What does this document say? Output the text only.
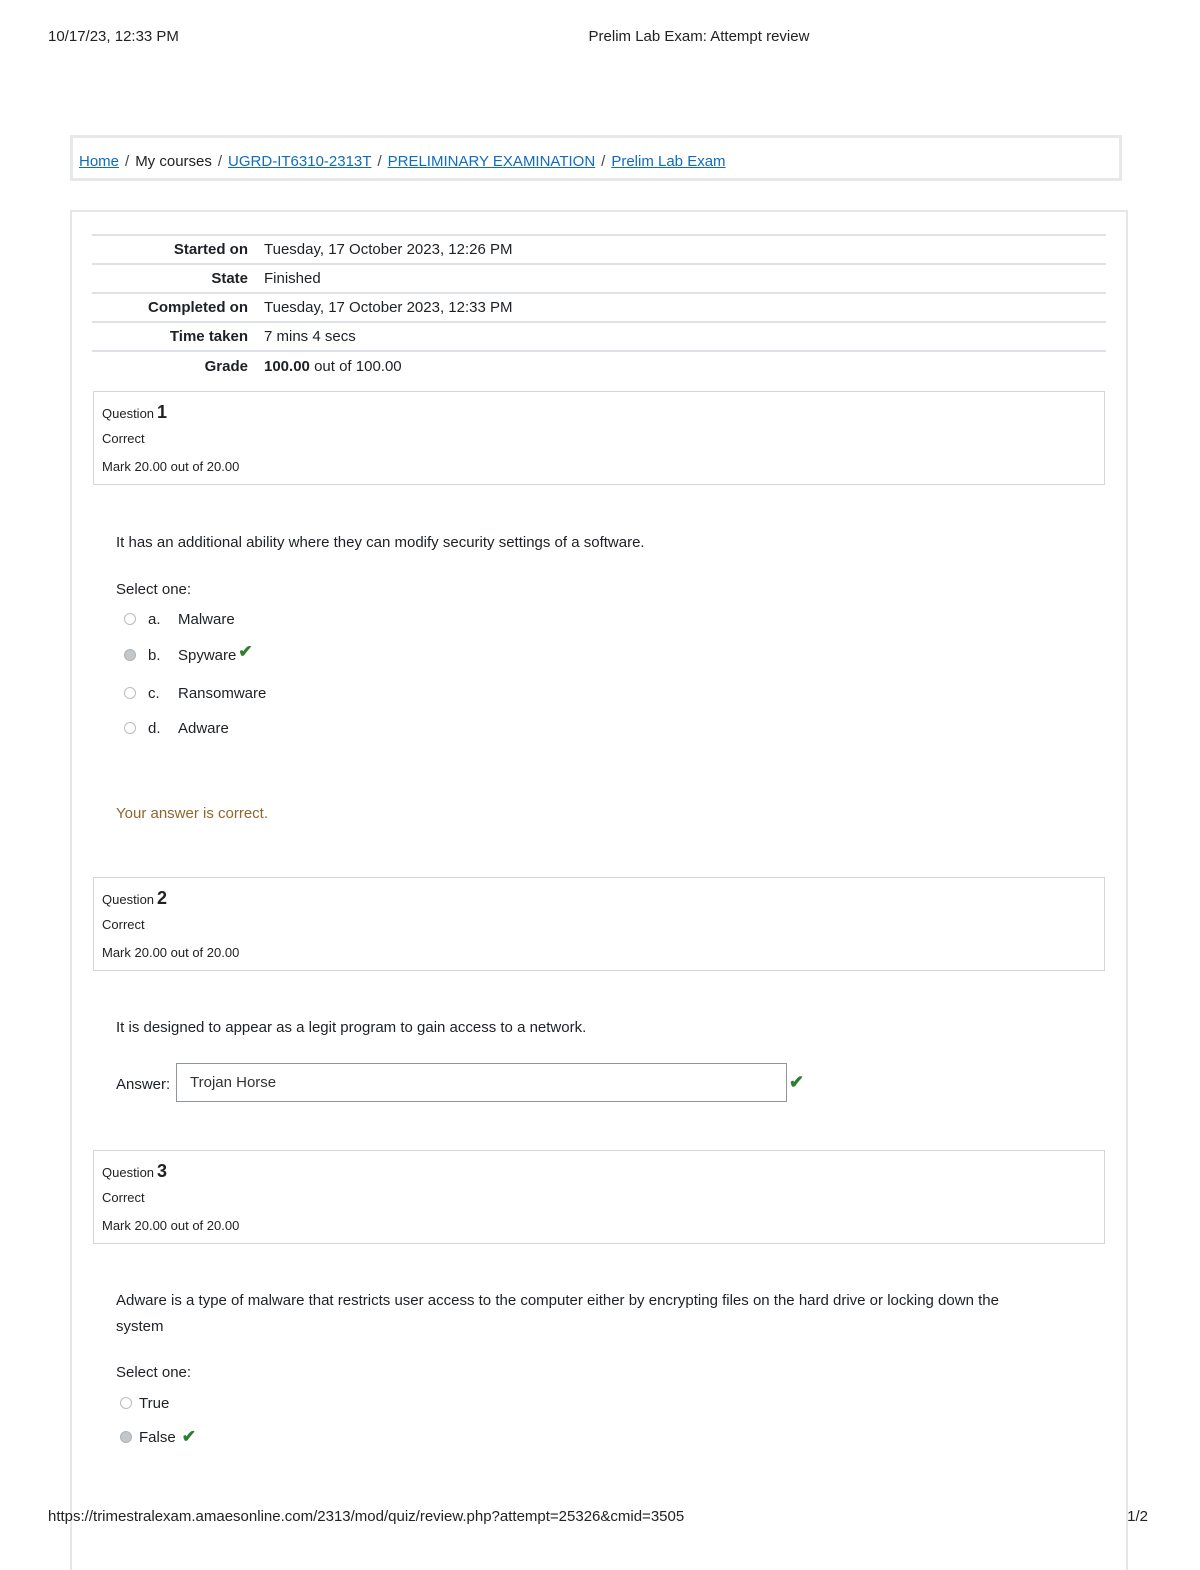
10/17/23, 12:33 PM	Prelim Lab Exam: Attempt review
Home / My courses / UGRD-IT6310-2313T / PRELIMINARY EXAMINATION / Prelim Lab Exam
Started on Tuesday, 17 October 2023, 12:26 PM
State Finished
Completed on Tuesday, 17 October 2023, 12:33 PM
Time taken 7 mins 4 secs
Grade 100.00 out of 100.00
Question 1
Correct
Mark 20.00 out of 20.00
It has an additional ability where they can modify security settings of a software.
Select one:
a.	Malware
b.	Spyware ✔
c.	Ransomware
d.	Adware
Your answer is correct.
Question 2
Correct
Mark 20.00 out of 20.00
It is designed to appear as a legit program to gain access to a network.
Answer:	Trojan Horse	✔
Question 3
Correct
Mark 20.00 out of 20.00
Adware is a type of malware that restricts user access to the computer either by encrypting files on the hard drive or locking down the
system
Select one:
True
False ✔
https://trimestralexam.amaesonline.com/2313/mod/quiz/review.php?attempt=25326&cmid=3505	1/2
